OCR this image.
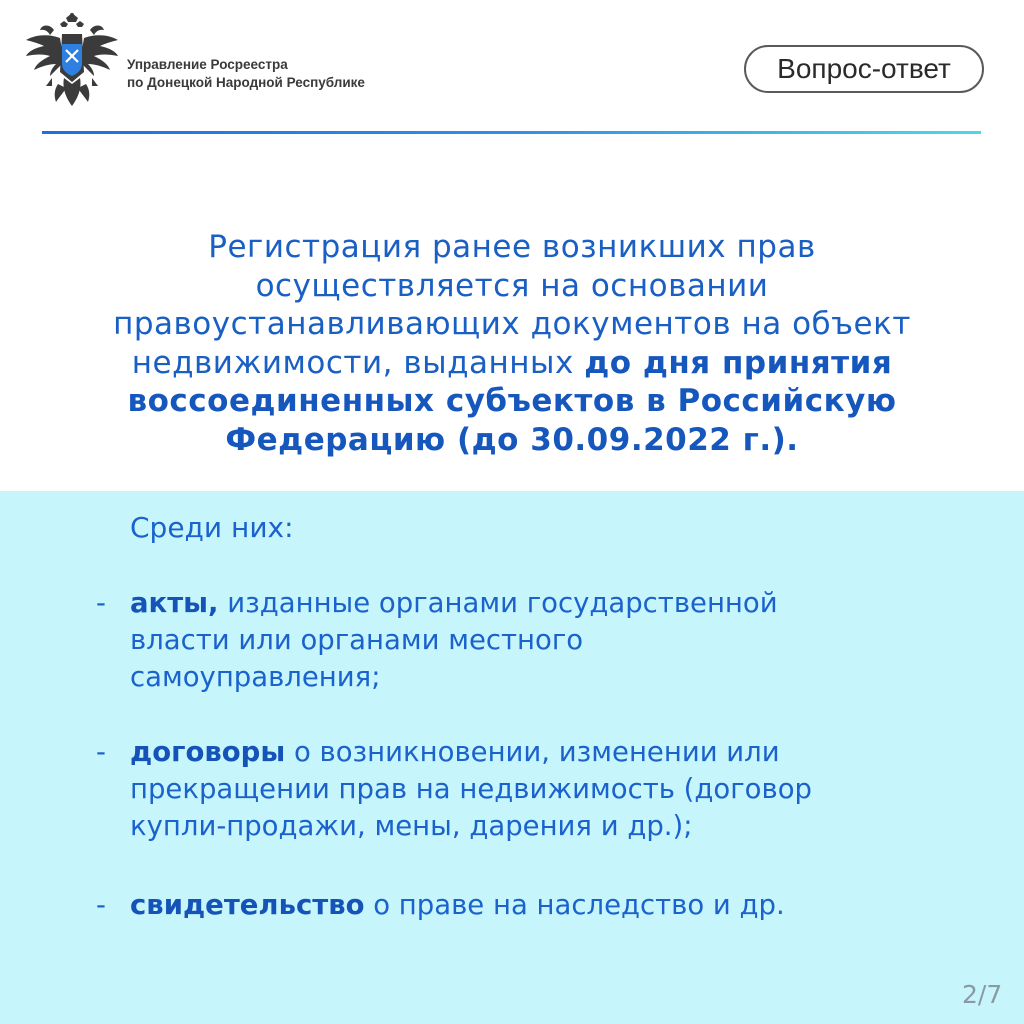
Управление Росреестра
по Донецкой Народной Республике	Вопрос-ответ
Регистрация ранее возникших прав
осуществляется на основании
правоустанавливающих документов на объект
недвижимости, выданных до дня принятия
воссоединенных субъектов в Российскую
Федерацию (до 30.09.2022 г.).
Среди них:
- акты, изданные органами государственной
власти или органами местного
самоуправления;
- договоры о возникновении, изменении или
прекращении прав на недвижимость (договор
купли-продажи, мены, дарения и др.);
- свидетельство о праве на наследство и др.
2/7
